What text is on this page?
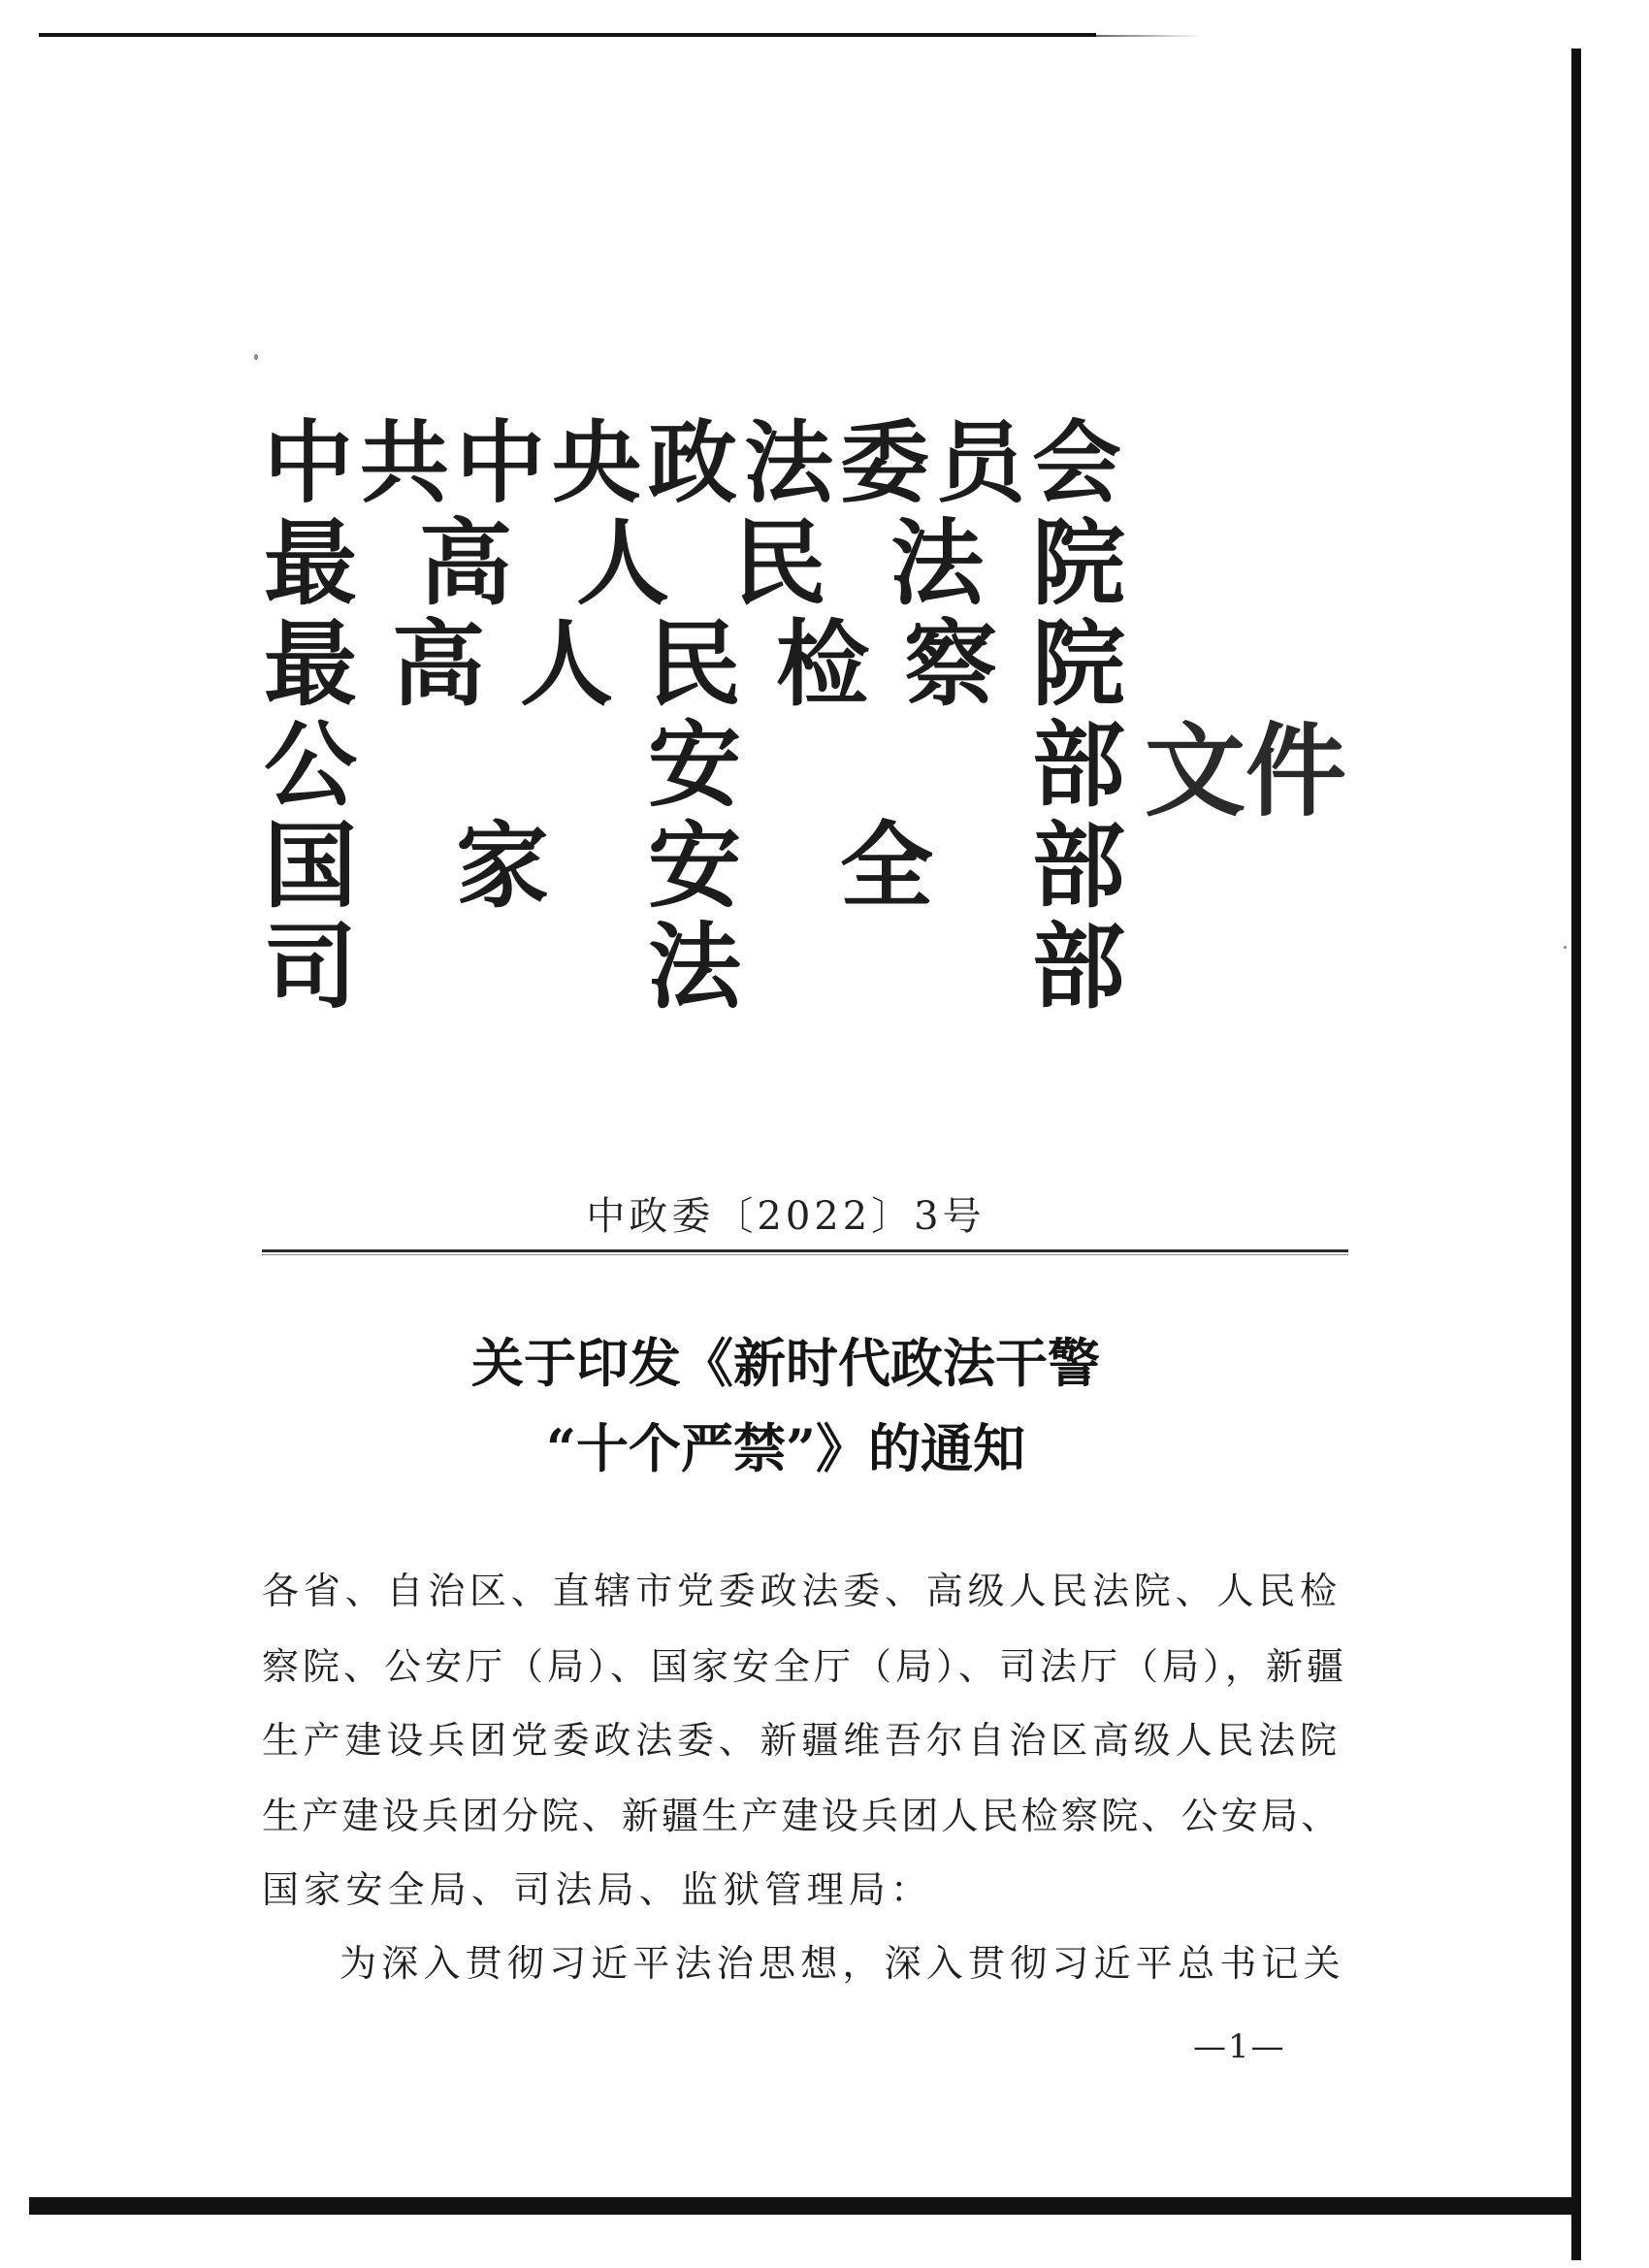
中 共 中 央 政 法 委 员 会
最 高 人 民 法 院
最 高 人 民 检 察 院
公	安	部
国 家 安 全 部
司	法	部
文件
中政委〔2022〕3号
关于印发《新时代政法干警
“十个严禁”》的通知
各省、自治区、直辖市党委政法委、高级人民法院、人民检
察院、公安厅（局）、国家安全厅（局）、司法厅（局），新疆
生产建设兵团党委政法委、新疆维吾尔自治区高级人民法院
生产建设兵团分院、新疆生产建设兵团人民检察院、公安局、
国家安全局、司法局、监狱管理局：
为深入贯彻习近平法治思想，深入贯彻习近平总书记关
—1—
